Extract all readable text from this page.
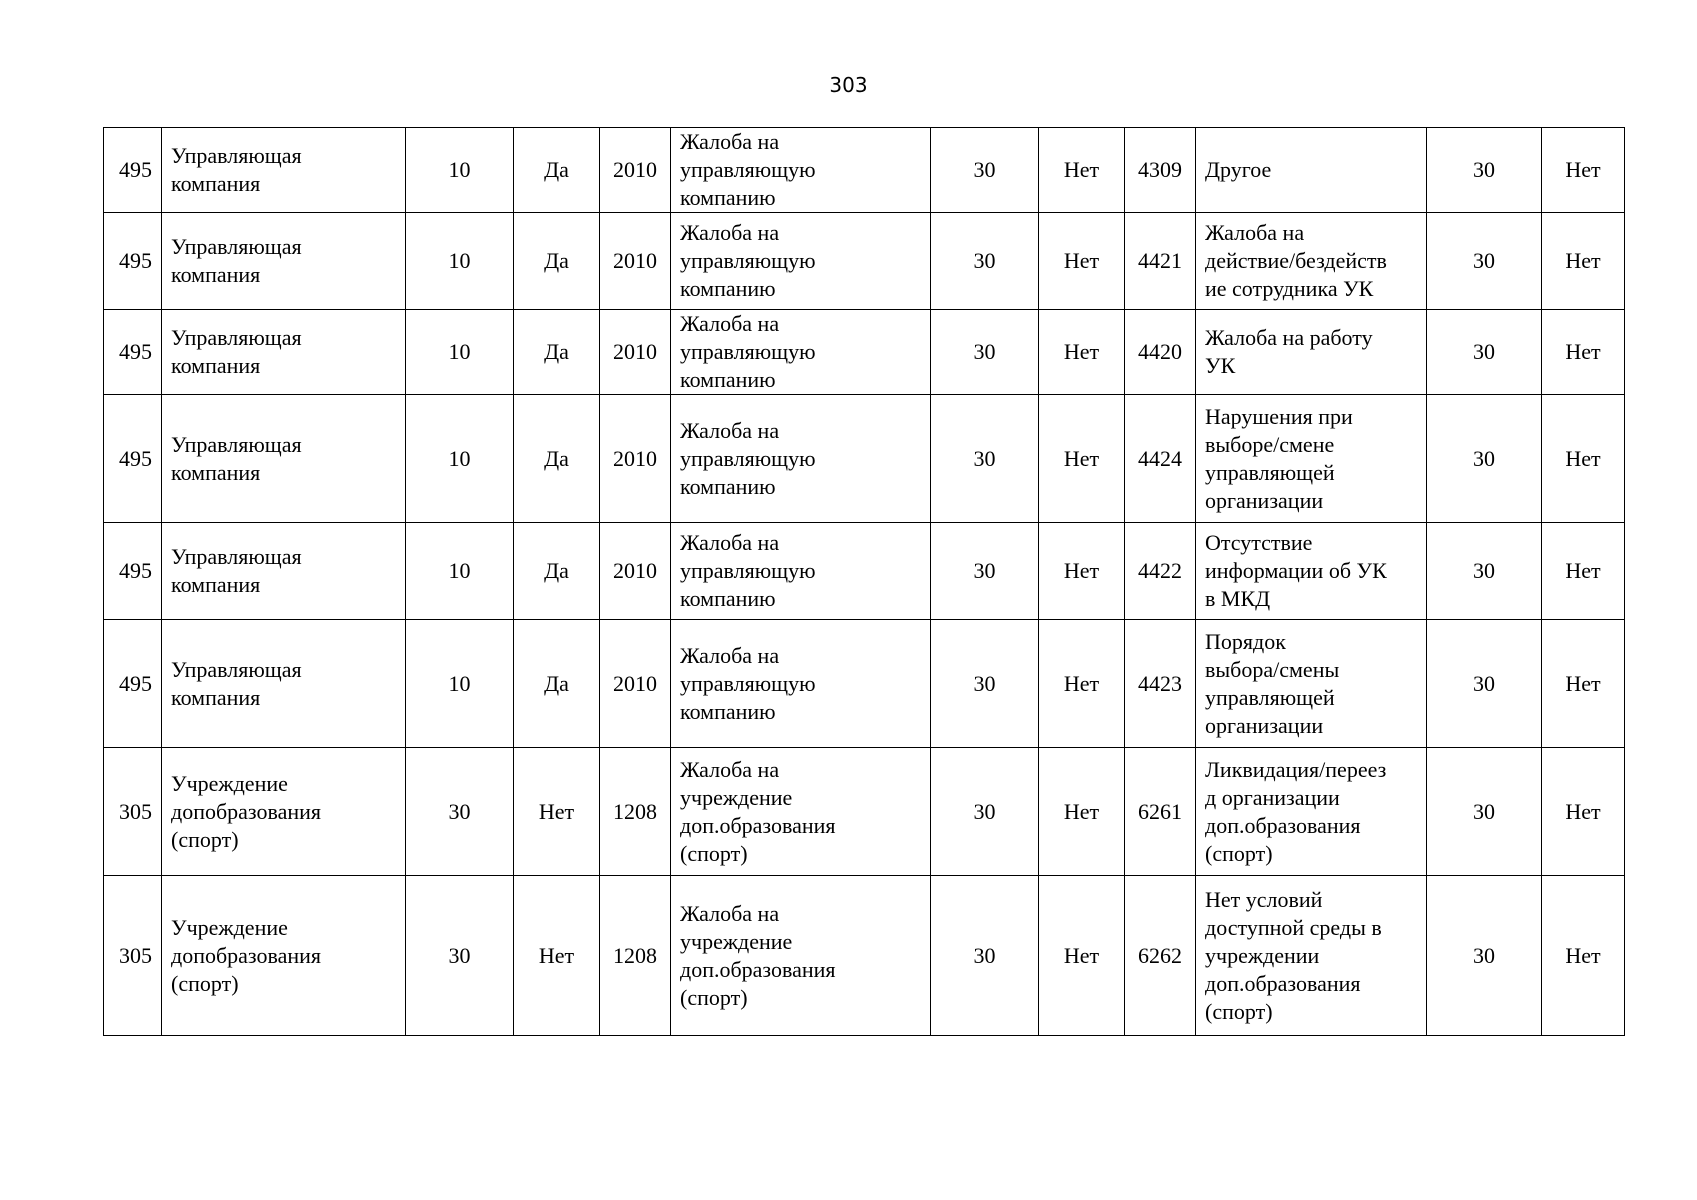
303
495	Управляющая
компания	10	Да	2010	Жалоба на
управляющую
компанию	30	Нет	4309	Другое	30	Нет
495	Управляющая
компания	10	Да	2010	Жалоба на
управляющую
компанию	30	Нет	4421	Жалоба на
действие/бездейств
ие сотрудника УК	30	Нет
495	Управляющая
компания	10	Да	2010	Жалоба на
управляющую
компанию	30	Нет	4420	Жалоба на работу
УК	30	Нет
495	Управляющая
компания	10	Да	2010	Жалоба на
управляющую
компанию	30	Нет	4424	Нарушения при
выборе/смене
управляющей
организации	30	Нет
495	Управляющая
компания	10	Да	2010	Жалоба на
управляющую
компанию	30	Нет	4422	Отсутствие
информации об УК
в МКД	30	Нет
495	Управляющая
компания	10	Да	2010	Жалоба на
управляющую
компанию	30	Нет	4423	Порядок
выбора/смены
управляющей
организации	30	Нет
305	Учреждение
допобразования
(спорт)	30	Нет	1208	Жалоба на
учреждение
доп.образования
(спорт)	30	Нет	6261	Ликвидация/переез
д организации
доп.образования
(спорт)	30	Нет
305	Учреждение
допобразования
(спорт)	30	Нет	1208	Жалоба на
учреждение
доп.образования
(спорт)	30	Нет	6262	Нет условий
доступной среды в
учреждении
доп.образования
(спорт)	30	Нет
